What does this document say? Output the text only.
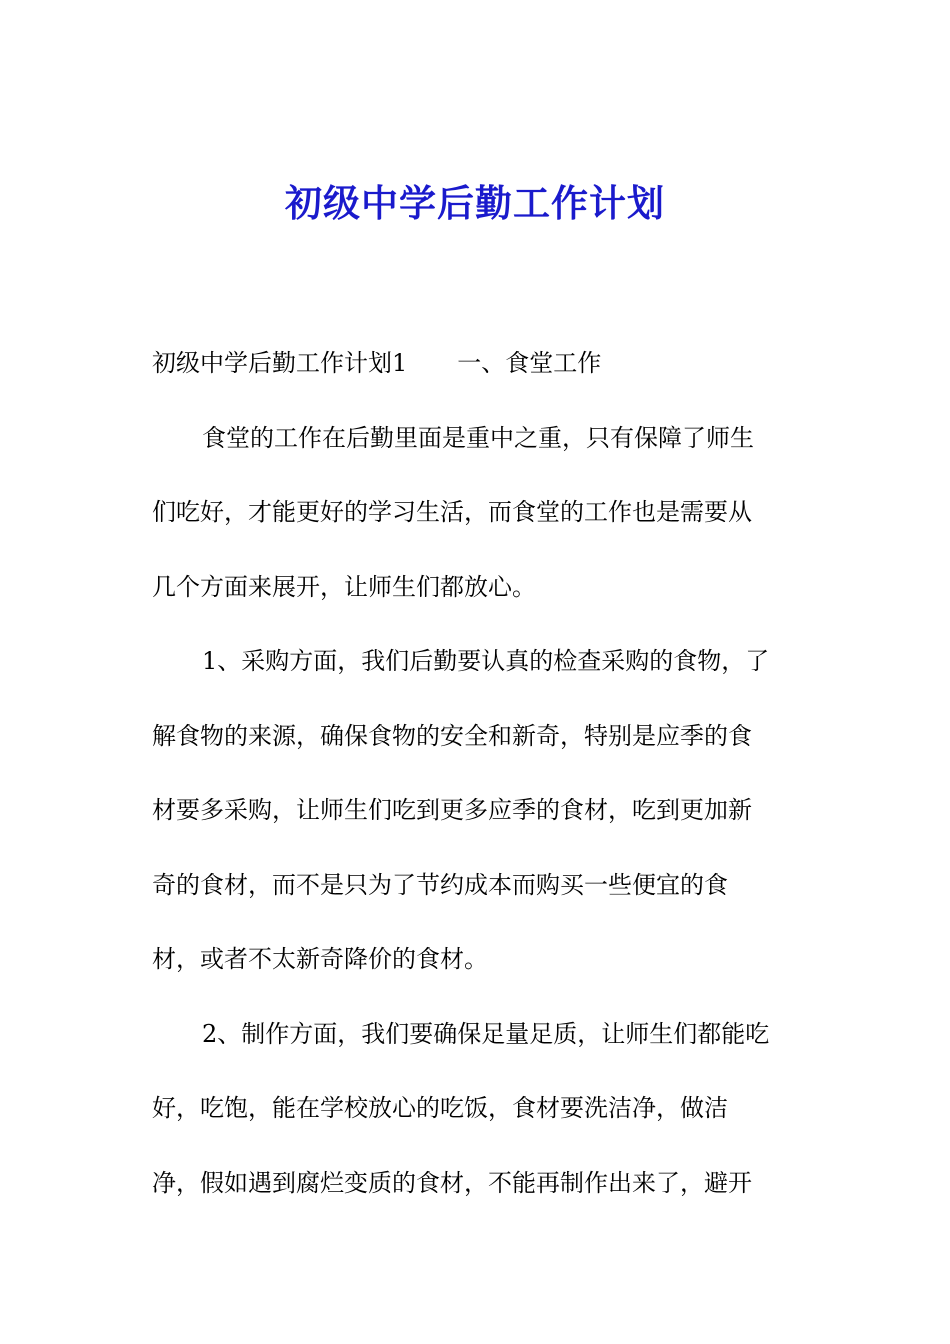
初级中学后勤工作计划
初级中学后勤工作计划1 一、食堂工作
食堂的工作在后勤里面是重中之重，只有保障了师生
们吃好，才能更好的学习生活，而食堂的工作也是需要从
几个方面来展开，让师生们都放心。
1、采购方面，我们后勤要认真的检查采购的食物，了
解食物的来源，确保食物的安全和新奇，特别是应季的食
材要多采购，让师生们吃到更多应季的食材，吃到更加新
奇的食材，而不是只为了节约成本而购买一些便宜的食
材，或者不太新奇降价的食材。
2、制作方面，我们要确保足量足质，让师生们都能吃
好，吃饱，能在学校放心的吃饭，食材要洗洁净，做洁
净，假如遇到腐烂变质的食材，不能再制作出来了，避开
